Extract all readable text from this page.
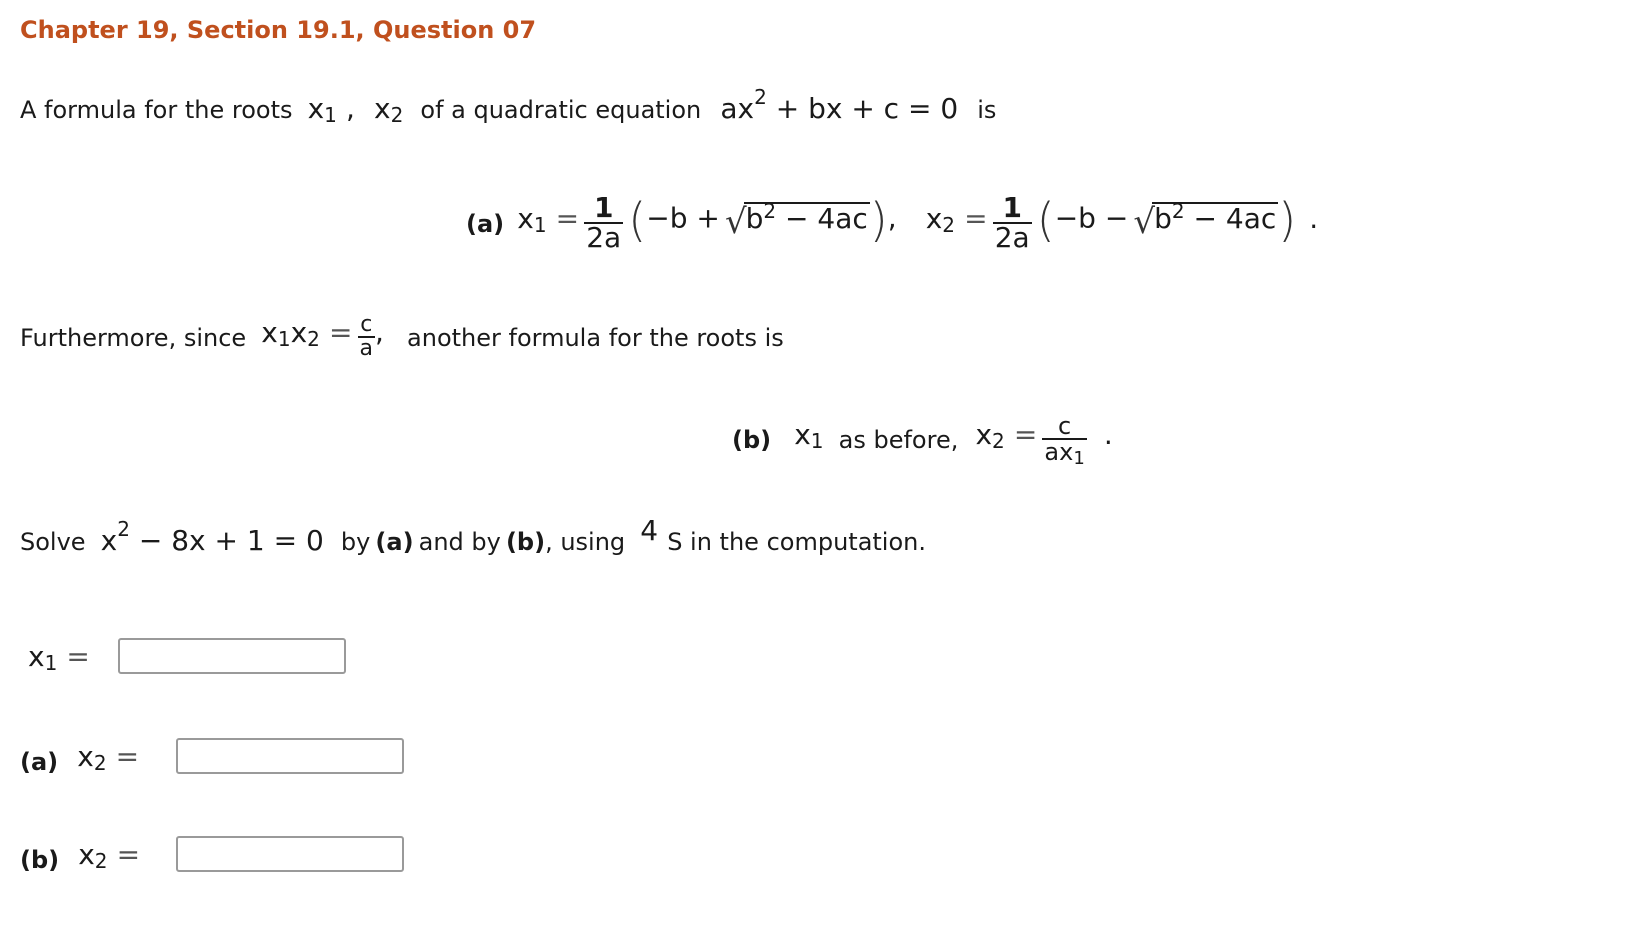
Chapter 19, Section 19.1, Question 07
A formula for the roots x1 , x2 of a quadratic equation $ax^2$ + bx + c = 0 is
(a) $x1 = \frac{1}{2a} (-b + √b^2 - 4ac)$, $x2 = \frac{1}{2a} (-b - √b^2 - 4ac)$ .
Furthermore, since $x1x2 = \frac{c}{a}$ , another formula for the roots is
(b) x1 as before, $x2 = \frac{c}{ax1}$ .
Solve $x^2 - 8x + 1 = 0$ by (a) and by (b), using 4 S in the computation.
x1 =
(a) x2 =
(b) x2 =
